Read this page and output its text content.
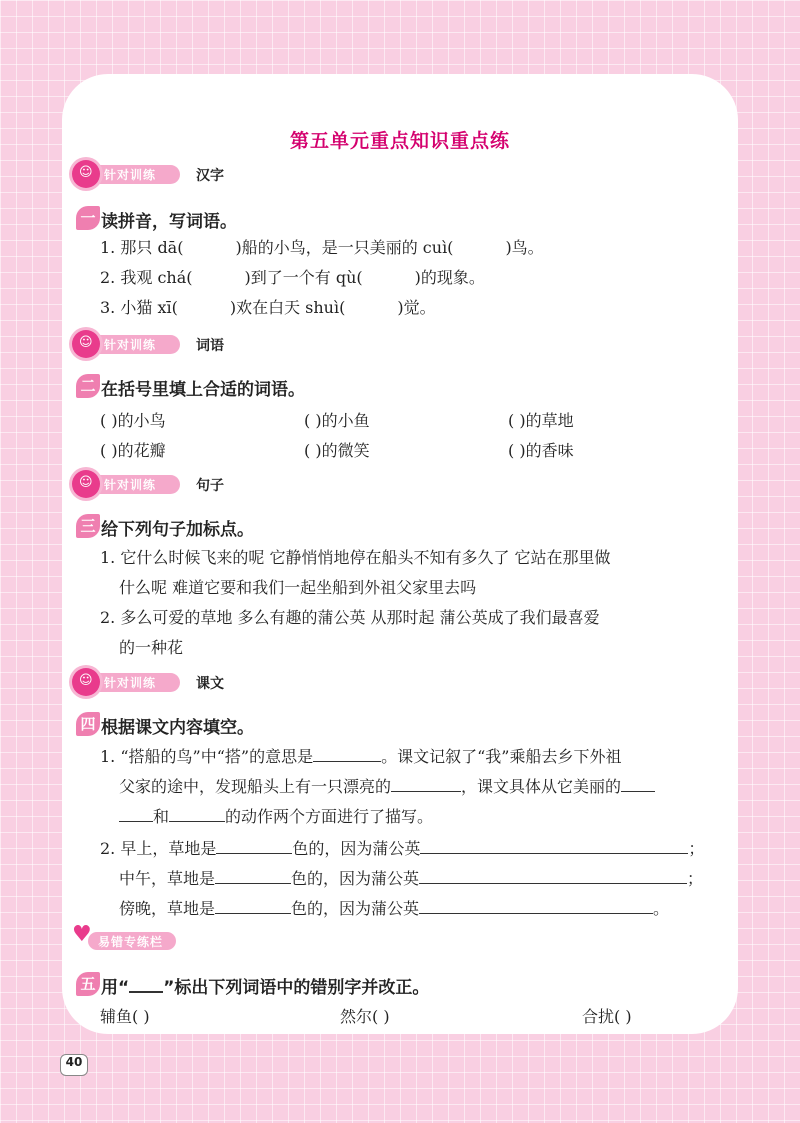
第五单元重点知识重点练
☺ 针对训练	汉字
一 读拼音，写词语。
1. 那只 dā(	)船的小鸟，是一只美丽的 cuì(	)鸟。
2. 我观 chá(	)到了一个有 qù(	)的现象。
3. 小猫 xī(	)欢在白天 shuì(	)觉。
☺ 针对训练	词语
二 在括号里填上合适的词语。
( )的小鸟	( )的小鱼	( )的草地
( )的花瓣	( )的微笑	( )的香味
☺ 针对训练	句子
三 给下列句子加标点。
1. 它什么时候飞来的呢 它静悄悄地停在船头不知有多久了 它站在那里做
什么呢 难道它要和我们一起坐船到外祖父家里去吗
2. 多么可爱的草地 多么有趣的蒲公英 从那时起 蒲公英成了我们最喜爱
的一种花
☺ 针对训练	课文
四 根据课文内容填空。
1. “搭船的鸟”中“搭”的意思是	。课文记叙了“我”乘船去乡下外祖
父家的途中，发现船头上有一只漂亮的	，课文具体从它美丽的
和	的动作两个方面进行了描写。
2. 早上，草地是	色的，因为蒲公英	；
中午，草地是	色的，因为蒲公英	；
傍晚，草地是	色的，因为蒲公英	。
♥ 易错专练栏
五 用“ ”标出下列词语中的错别字并改正。
辅鱼( )	然尔( )	合扰( )
40
